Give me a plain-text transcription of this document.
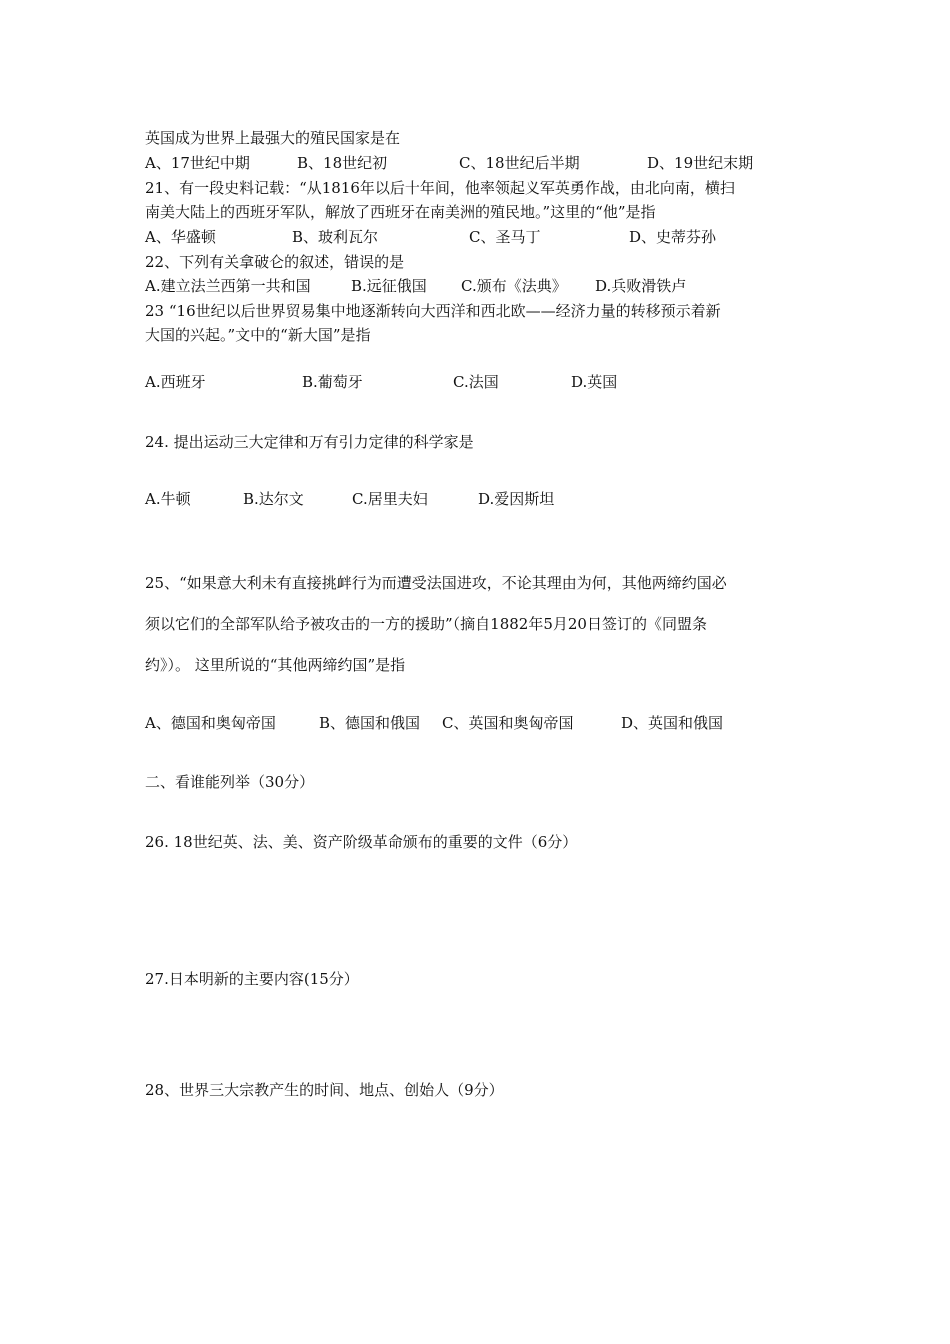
英国成为世界上最强大的殖民国家是在
A、17世纪中期	B、18世纪初	C、18世纪后半期	D、19世纪末期
21、有一段史料记载：“从1816年以后十年间，他率领起义军英勇作战，由北向南，横扫
南美大陆上的西班牙军队，解放了西班牙在南美洲的殖民地。”这里的“他”是指
A、华盛顿	B、玻利瓦尔	C、圣马丁	D、史蒂芬孙
22、下列有关拿破仑的叙述，错误的是
A.建立法兰西第一共和国	B.远征俄国 C.颁布《法典》 D.兵败滑铁卢
23 “16世纪以后世界贸易集中地逐渐转向大西洋和西北欧——经济力量的转移预示着新
大国的兴起。”文中的“新大国”是指
A.西班牙	B.葡萄牙	C.法国	D.英国
24. 提出运动三大定律和万有引力定律的科学家是
A.牛顿	B.达尔文	C.居里夫妇	D.爱因斯坦
25、“如果意大利未有直接挑衅行为而遭受法国进攻，不论其理由为何，其他两缔约国必
须以它们的全部军队给予被攻击的一方的援助”（摘自1882年5月20日签订的《同盟条
约》）。 这里所说的“其他两缔约国”是指
A、德国和奥匈帝国	B、德国和俄国 C、英国和奥匈帝国	D、英国和俄国
二、看谁能列举（30分）
26. 18世纪英、法、美、资产阶级革命颁布的重要的文件（6分）
27.日本明新的主要内容(15分）
28、世界三大宗教产生的时间、地点、创始人（9分）
